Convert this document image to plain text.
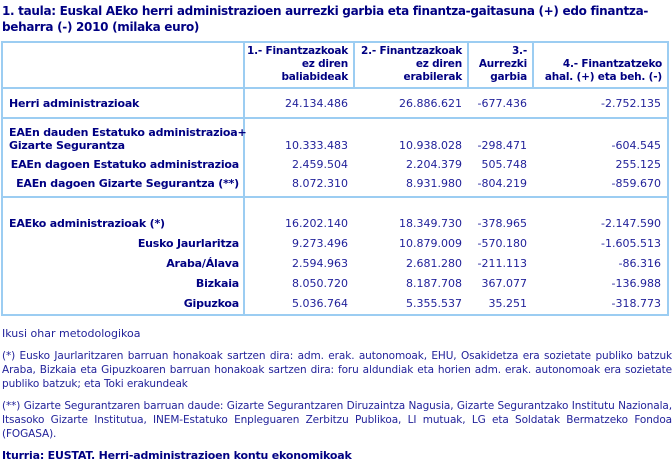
1. taula: Euskal AEko herri administrazioen aurrezki garbia eta finantza-gaitasuna (+) edo finantza-beharra (-) 2010 (milaka euro)

	1.- Finantzazkoak
ez diren
baliabideak	2.- Finantzazkoak
ez diren
erabilerak	3.-
Aurrezki
garbia	4.- Finantzatzeko
ahal. (+) eta beh. (-)

Herri administrazioak	24.134.486	26.886.621	-677.436	-2.752.135

EAEn dauden Estatuko administrazioa+
Gizarte Segurantza	10.333.483	10.938.028	-298.471	-604.545
EAEn dagoen Estatuko administrazioa	2.459.504	2.204.379	505.748	255.125
EAEn dagoen Gizarte Segurantza (**)	8.072.310	8.931.980	-804.219	-859.670
EAEko administrazioak (*)	16.202.140	18.349.730	-378.965	-2.147.590
Eusko Jaurlaritza	9.273.496	10.879.009	-570.180	-1.605.513
Araba/Álava	2.594.963	2.681.280	-211.113	-86.316
Bizkaia	8.050.720	8.187.708	367.077	-136.988
Gipuzkoa	5.036.764	5.355.537	35.251	-318.773
Ikusi ohar metodologikoa
(*) Eusko Jaurlaritzaren barruan honakoak sartzen dira: adm. erak. autonomoak, EHU, Osakidetza era sozietate publiko batzuk Araba, Bizkaia eta Gipuzkoaren barruan honakoak sartzen dira: foru aldundiak eta horien adm. erak. autonomoak era sozietate publiko batzuk; eta Toki erakundeak
(**) Gizarte Segurantzaren barruan daude: Gizarte Segurantzaren Diruzaintza Nagusia, Gizarte Segurantzako Institutu Nazionala, Itsasoko Gizarte Institutua, INEM-Estatuko Enpleguaren Zerbitzu Publikoa, LI mutuak, LG eta Soldatak Bermatzeko Fondoa (FOGASA).
Iturria: EUSTAT. Herri-administrazioen kontu ekonomikoak
